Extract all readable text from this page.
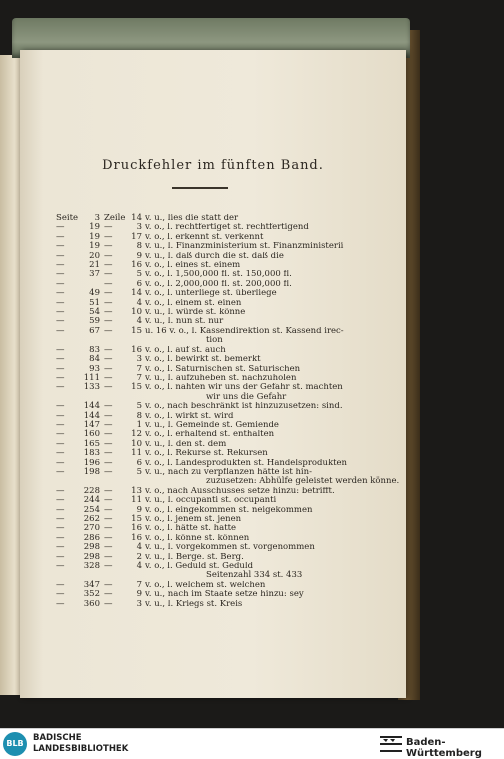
Druckfehler im fünften Band.
Seite	3 Zeile 14 v. u., lies die statt der
—	19 —	3 v. o., l. rechtfertiget st. rechtfertigend
—	19 —	17 v. o., l. erkennt st. verkennt
—	19 —	8 v. u., l. Finanzministerium st. Finanzministerii
—	20 —	9 v. u., l. daß durch die st. daß die
—	21 —	16 v. o., l. eines st. einem
—	37 —	5 v. o., l. 1,500,000 fl. st. 150,000 fl.
—	—	6 v. o., l. 2,000,000 fl. st. 200,000 fl.
—	49 —	14 v. o., l. unterliege st. überliege
—	51 —	4 v. o., l. einem st. einen
—	54 —	10 v. u., l. würde st. könne
—	59 —	4 v. u., l. nun st. nur
—	67 —	15 u. 16 v. o., l. Kassendirektion st. Kassend irec-
tion
—	83 —	16 v. o., l. auf st. auch
—	84 —	3 v. o., l. bewirkt st. bemerkt
—	93 —	7 v. o., l. Saturnischen st. Saturischen
—	111 —	7 v. u., l. aufzuheben st. nachzuholen
—	133 —	15 v. o., l. nahten wir uns der Gefahr st. machten
wir uns die Gefahr
—	144 —	5 v. o., nach beschränkt ist hinzuzusetzen: sind.
—	144 —	8 v. o., l. wirkt st. wird
—	147 —	1 v. u., l. Gemeinde st. Gemiende
—	160 —	12 v. o., l. erhaltend st. enthalten
—	165 —	10 v. u., l. den st. dem
—	183 —	11 v. o., l. Rekurse st. Rekursen
—	196 —	6 v. o., l. Landesprodukten st. Handelsprodukten
—	198 —	5 v. u., nach zu verpflanzen hätte ist hin-
zuzusetzen: Abhülfe geleistet werden könne.
—	228 —	13 v. o., nach Ausschusses setze hinzu: betrifft.
—	244 —	11 v. u., l. occupanti st. occupanti
—	254 —	9 v. o., l. eingekommen st. neigekommen
—	262 —	15 v. o., l. jenem st. jenen
—	270 —	16 v. o., l. hätte st. hatte
—	286 —	16 v. o., l. könne st. können
—	298 —	4 v. u., l. vorgekommen st. vorgenommen
—	298 —	2 v. u., l. Berge. st. Berg.
—	328 —	4 v. o., l. Geduld st. Geduld
Seitenzahl 334 st. 433
—	347 —	7 v. o., l. welchem st. welchen
—	352 —	9 v. u., nach im Staate setze hinzu: sey
—	360 —	3 v. u., l. Kriegs st. Kreis
BLB
BADISCHE
LANDESBIBLIOTHEK
Baden-Württemberg
